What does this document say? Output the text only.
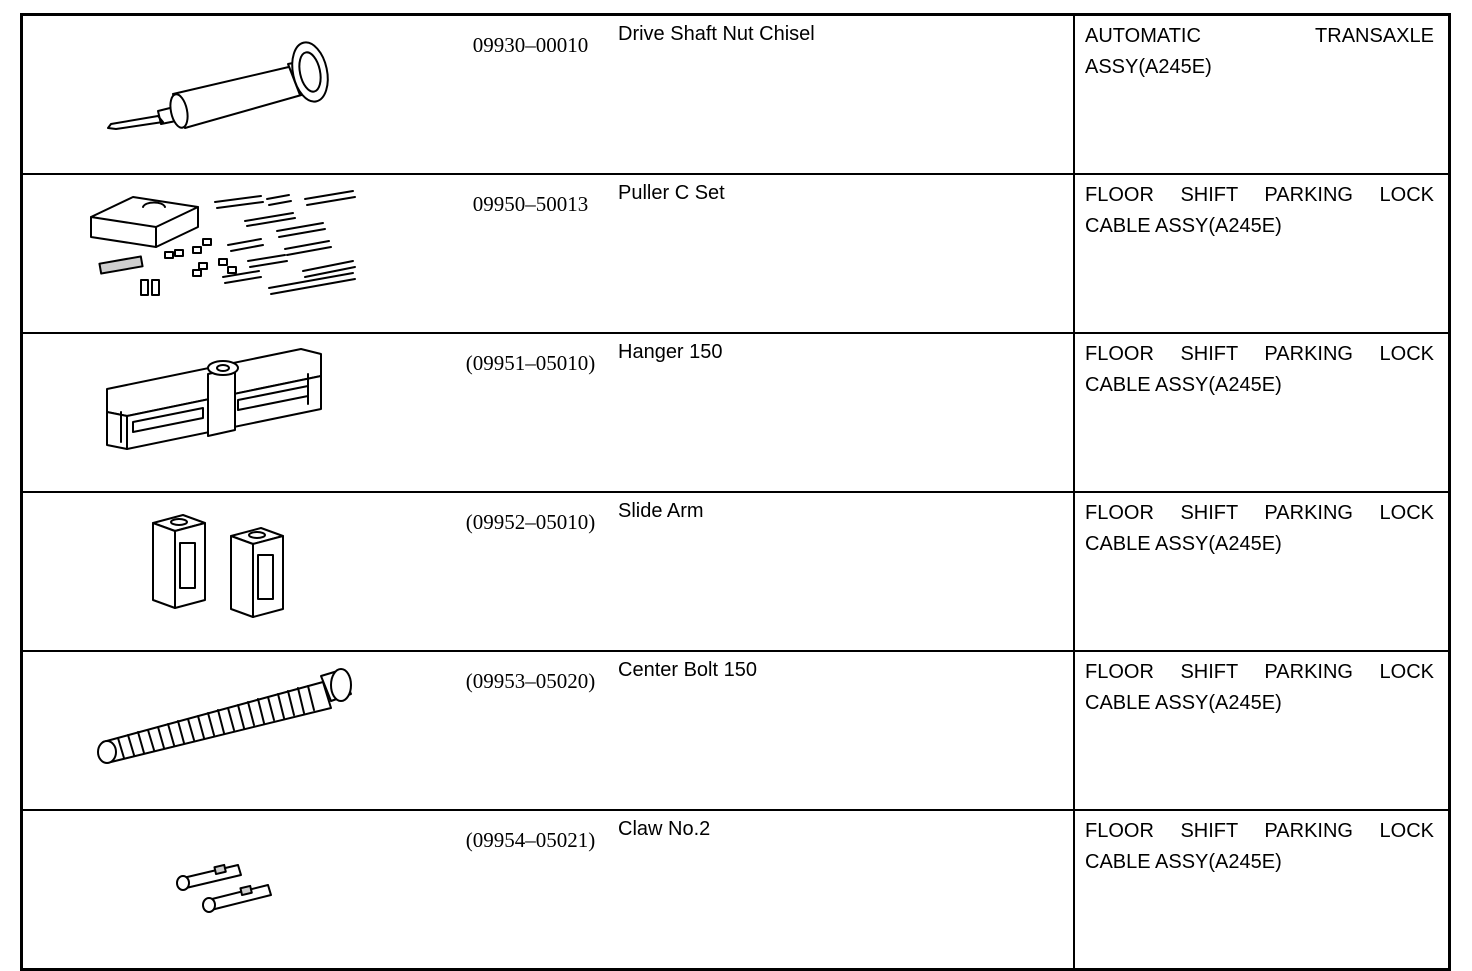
	09930–00010	Drive Shaft Nut Chisel	AUTOMATIC TRANSAXLE ASSY(A245E)

	09950–50013	Puller C Set	FLOOR SHIFT PARKING LOCK CABLE ASSY(A245E)

	(09951–05010)	Hanger 150	FLOOR SHIFT PARKING LOCK CABLE ASSY(A245E)

	(09952–05010)	Slide Arm	FLOOR SHIFT PARKING LOCK CABLE ASSY(A245E)

	(09953–05020)	Center Bolt 150	FLOOR SHIFT PARKING LOCK CABLE ASSY(A245E)

	(09954–05021)	Claw No.2	FLOOR SHIFT PARKING LOCK CABLE ASSY(A245E)
